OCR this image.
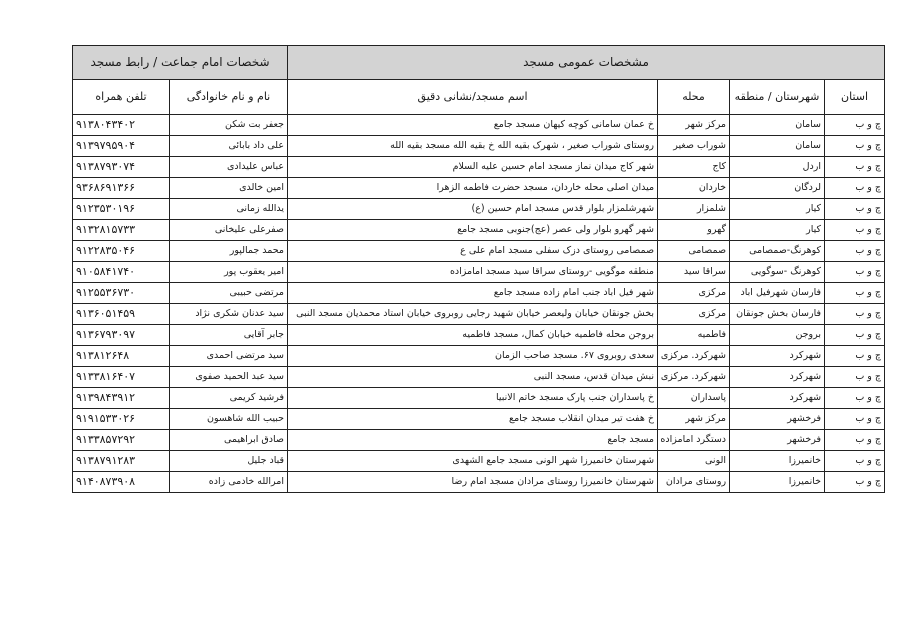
مشخصات عمومی مسجد				شخصات امام جماعت / رابط مسجد	
استان	شهرستان / منطقه	محله	اسم مسجد/نشانی دقیق	نام و نام خانوادگی	تلفن همراه
چ و ب	سامان	مرکز شهر	خ عمان سامانی کوچه کیهان مسجد جامع	جعفر بت شکن	۹۱۳۸۰۴۳۴۰۲
چ و ب	سامان	شوراب صغیر	روستای شوراب صغیر ، شهرک بقیه الله خ بقیه الله مسجد بقیه الله	علی داد بابائی	۹۱۳۹۷۹۵۹۰۴
چ و ب	اردل	کاج	شهر کاج میدان نماز مسجد امام حسین علیه السلام	عباس علیدادی	۹۱۳۸۷۹۳۰۷۴
چ و ب	لردگان	خاردان	میدان اصلی محله خاردان، مسجد حضرت فاطمه الزهرا	امین خالدی	۹۳۶۸۶۹۱۳۶۶
چ و ب	کیار	شلمزار	شهرشلمزار بلوار قدس مسجد امام حسین (ع)	یدالله زمانی	۹۱۲۳۵۳۰۱۹۶
چ و ب	کیار	گهرو	شهر گهرو بلوار ولی عصر (عج)جنوبی مسجد جامع	صفرعلی علیخانی	۹۱۳۲۸۱۵۷۳۳
چ و ب	کوهرنگ-صمصامی	صمصامی	صمصامی روستای دزک سفلی مسجد امام علی ع	محمد جمالپور	۹۱۲۲۸۳۵۰۴۶
چ و ب	کوهرنگ -سوگویی	سراقا سید	منطقه موگویی -روستای سراقا سید مسجد امامزاده	امیر یعقوب پور	۹۱۰۵۸۴۱۷۴۰
چ و ب	فارسان شهرفیل اباد	مرکزی	شهر فیل اباد جنب امام زاده مسجد جامع	مرتضی حبیبی	۹۱۲۵۵۳۶۷۳۰
چ و ب	فارسان بخش جونقان	مرکزی	بخش جونقان خیابان ولیعصر خیابان شهید رجایی روبروی خیابان استاد محمدیان مسجد النبی	سید عدنان شکری نژاد	۹۱۳۶۰۵۱۴۵۹
چ و ب	بروجن	فاطمیه	بروجن محله فاطمیه خیابان کمال، مسجد فاطمیه	جابر آقایی	۹۱۳۶۷۹۳۰۹۷
چ و ب	شهرکرد	شهرکرد. مرکزی	سعدی روبروی ۶۷. مسجد صاحب الزمان	سید مرتضی احمدی	۹۱۳۸۱۲۶۴۸
چ و ب	شهرکرد	شهرکرد. مرکزی	نبش میدان قدس، مسجد النبی	سید عبد الحمید صفوی	۹۱۳۳۸۱۶۴۰۷
چ و ب	شهرکرد	پاسداران	خ پاسداران جنب پارک مسجد خاتم الانبیا	فرشید کریمی	۹۱۳۹۸۴۳۹۱۲
چ و ب	فرخشهر	مرکز شهر	خ هفت تیر میدان انقلاب مسجد جامع	حبیب الله شاهسون	۹۱۹۱۵۳۳۰۲۶
چ و ب	فرخشهر	دستگرد امامزاده	مسجد جامع	صادق ابراهیمی	۹۱۳۳۸۵۷۲۹۲
چ و ب	خانمیرزا	الونی	شهرستان خانمیرزا شهر الونی مسجد جامع الشهدی	قباد جلیل	۹۱۳۸۷۹۱۲۸۳
چ و ب	خانمیرزا	روستای مرادان	شهرستان خانمیرزا روستای مرادان مسجد امام رضا	امرالله خادمی زاده	۹۱۴۰۸۷۳۹۰۸
